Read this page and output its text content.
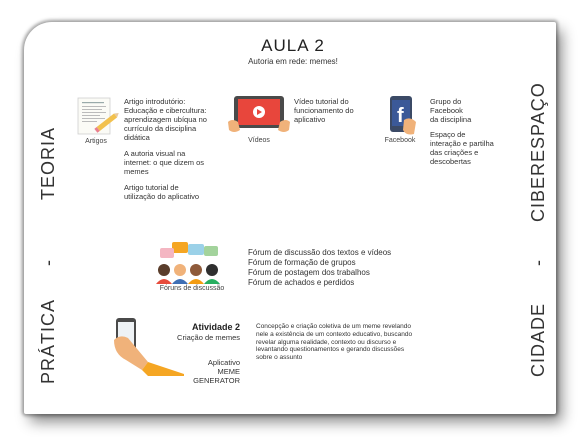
AULA 2
Autoria em rede: memes!
TEORIA
-
PRÁTICA
CIBERESPAÇO
-
CIDADE
Artigos
Artigo introdutório:
Educação e cibercultura:
aprendizagem ubíqua no
currículo da disciplina
didática
A autoria visual na
internet: o que dizem os
memes
Artigo tutorial de
utilização do aplicativo
Vídeos
Vídeo tutorial do
funcionamento do
aplicativo	f
Facebook
Grupo do
Facebook
da disciplina
Espaço de
interação e partilha
das criações e
descobertas
Fóruns de discussão
Fórum de discussão dos textos e vídeos
Fórum de formação de grupos
Fórum de postagem dos trabalhos
Fórum de achados e perdidos
Atividade 2
Criação de memes
Aplicativo
MEME
GENERATOR
Concepção e criação coletiva de um meme revelando
nele a existência de um contexto educativo, buscando
revelar alguma realidade, contexto ou discurso e
levantando questionamentos e gerando discussões
sobre o assunto
